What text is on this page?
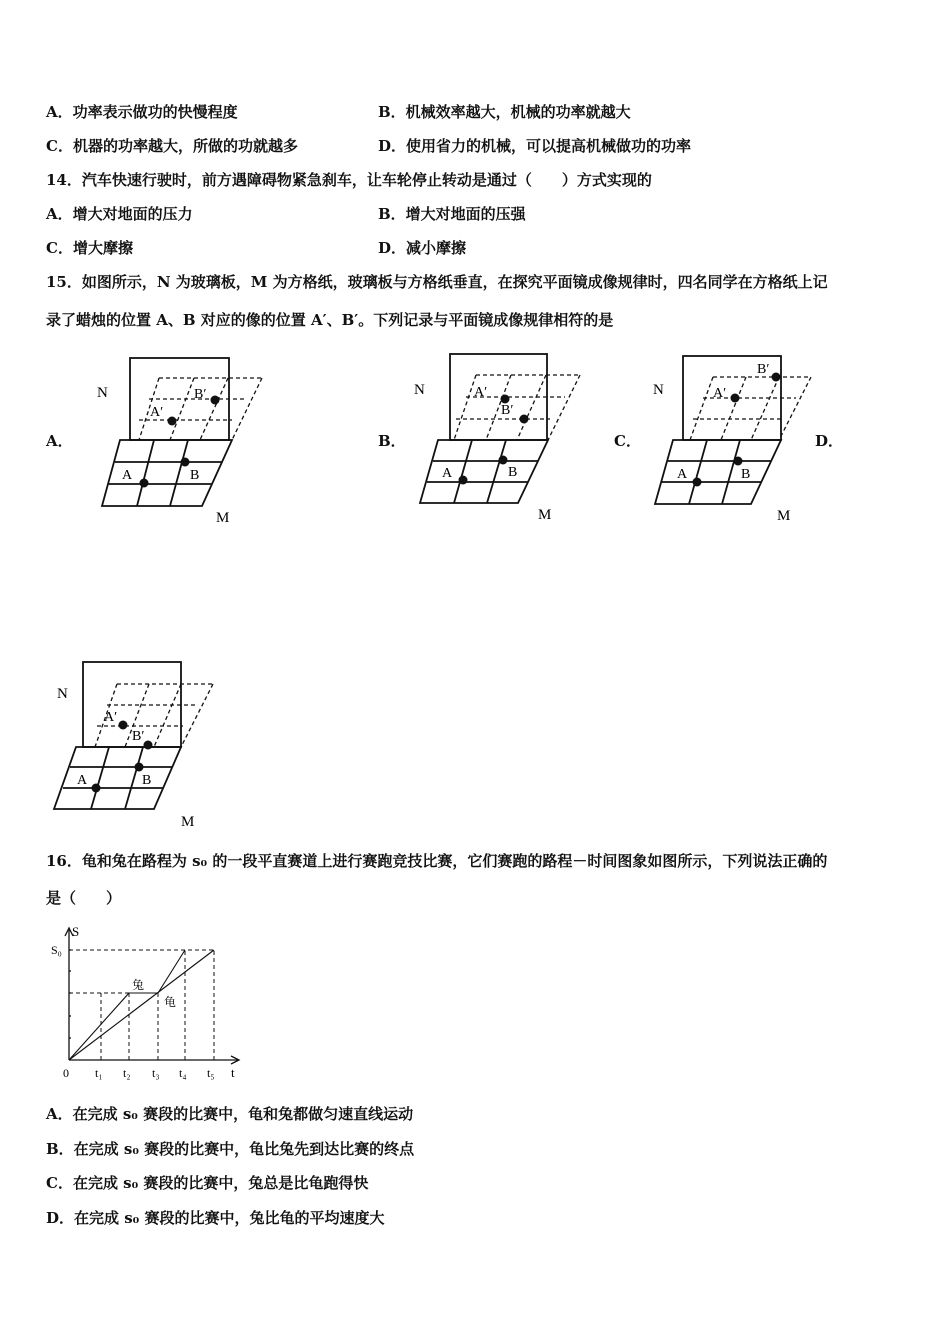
A．功率表示做功的快慢程度	B．机械效率越大，机械的功率就越大
C．机器的功率越大，所做的功就越多	D．使用省力的机械，可以提高机械做功的功率
14．汽车快速行驶时，前方遇障碍物紧急刹车，让车轮停止转动是通过（　　）方式实现的
A．增大对地面的压力	B．增大对地面的压强
C．增大摩擦	D．减小摩擦
15．如图所示，N 为玻璃板，M 为方格纸，玻璃板与方格纸垂直，在探究平面镜成像规律时，四名同学在方格纸上记
录了蜡烛的位置 A、B 对应的像的位置 A′、B′。下列记录与平面镜成像规律相符的是
A．	B．	C．	D．
A	B
A′
B′
N
M
A	B
A′
B′
N
M
A	B
A′
B′
N
M
A	B
A′
B′
N
M
16．龟和兔在路程为 s₀ 的一段平直赛道上进行赛跑竞技比赛，它们赛跑的路程－时间图象如图所示，下列说法正确的
是（　　）
S
S₀
0 t₁ t₂ t₃ t₄ t₅ t
兔
龟
A．在完成 s₀ 赛段的比赛中，龟和兔都做匀速直线运动
B．在完成 s₀ 赛段的比赛中，龟比兔先到达比赛的终点
C．在完成 s₀ 赛段的比赛中，兔总是比龟跑得快
D．在完成 s₀ 赛段的比赛中，兔比龟的平均速度大
